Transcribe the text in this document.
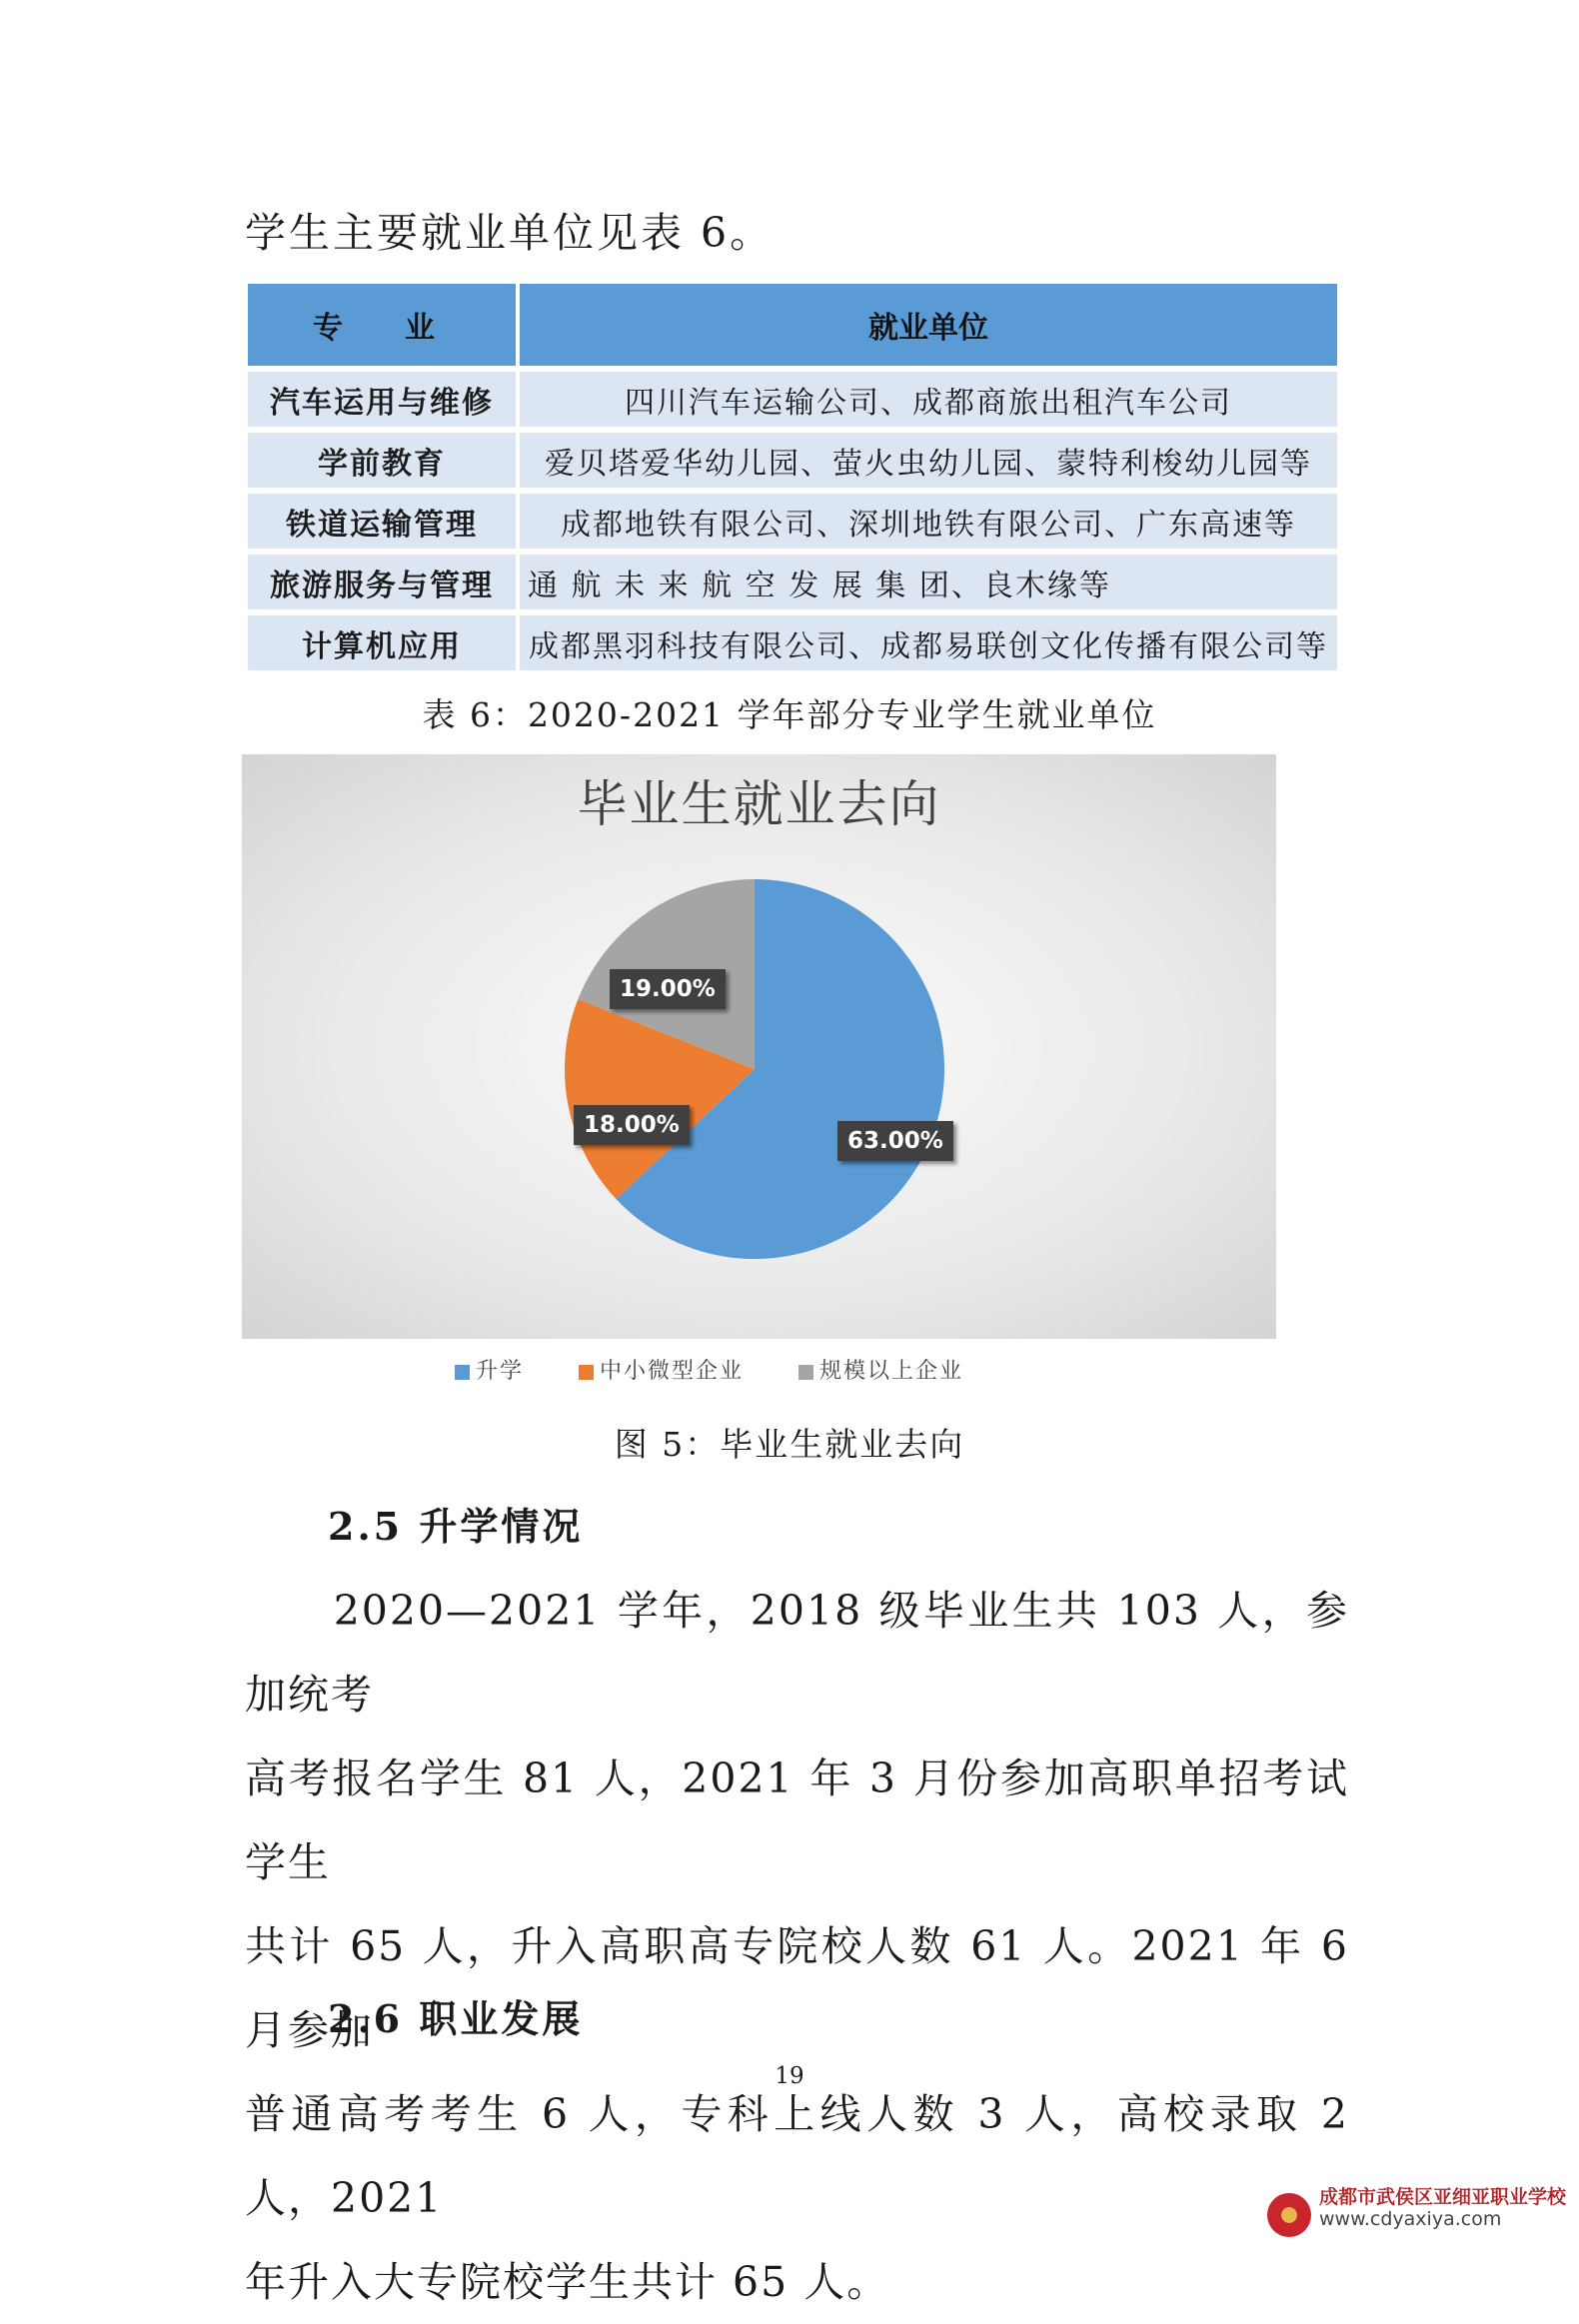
学生主要就业单位见表 6。
专　业	就业单位
汽车运用与维修	四川汽车运输公司、成都商旅出租汽车公司
学前教育	爱贝塔爱华幼儿园、萤火虫幼儿园、蒙特利梭幼儿园等
铁道运输管理	成都地铁有限公司、深圳地铁有限公司、广东高速等
旅游服务与管理	通 航 未 来 航 空 发 展 集 团、良木缘等
计算机应用	成都黑羽科技有限公司、成都易联创文化传播有限公司等
表 6：2020-2021 学年部分专业学生就业单位
毕业生就业去向
63.00%
18.00%
19.00%
升学	中小微型企业	规模以上企业
图 5：毕业生就业去向
2.5 升学情况
　　2020—2021 学年，2018 级毕业生共 103 人，参加统考
高考报名学生 81 人，2021 年 3 月份参加高职单招考试学生
共计 65 人，升入高职高专院校人数 61 人。2021 年 6 月参加
普通高考考生 6 人，专科上线人数 3 人，高校录取 2 人，2021
年升入大专院校学生共计 65 人。
2.6 职业发展
19
成都市武侯区亚细亚职业学校
www.cdyaxiya.com
